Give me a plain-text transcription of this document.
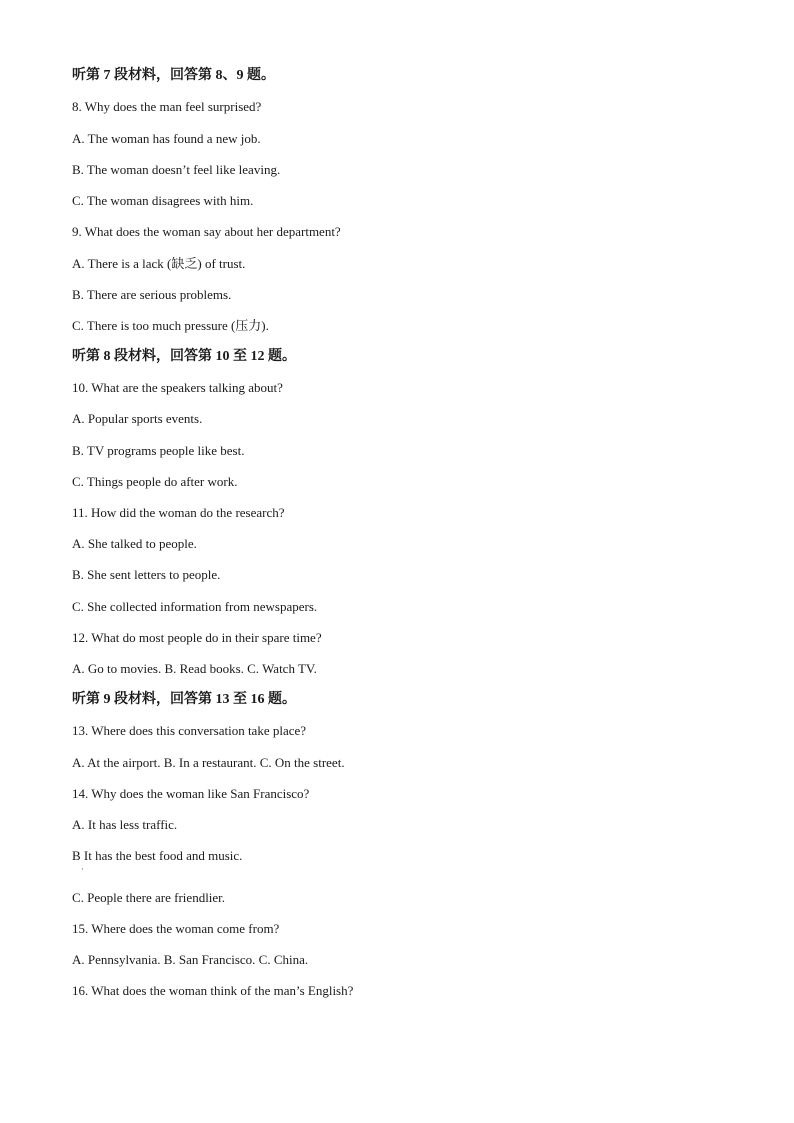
听第 7 段材料，回答第 8、9 题。
8. Why does the man feel surprised?
A. The woman has found a new job.
B. The woman doesn’t feel like leaving.
C. The woman disagrees with him.
9. What does the woman say about her department?
A. There is a lack (缺乏) of trust.
B. There are serious problems.
C. There is too much pressure (压力).
听第 8 段材料，回答第 10 至 12 题。
10. What are the speakers talking about?
A. Popular sports events.
B. TV programs people like best.
C. Things people do after work.
11. How did the woman do the research?
A. She talked to people.
B. She sent letters to people.
C. She collected information from newspapers.
12. What do most people do in their spare time?
A. Go to movies. B. Read books. C. Watch TV.
听第 9 段材料，回答第 13 至 16 题。
13. Where does this conversation take place?
A. At the airport. B. In a restaurant. C. On the street.
14. Why does the woman like San Francisco?
A. It has less traffic.
B It has the best food and music.
·
C. People there are friendlier.
15. Where does the woman come from?
A. Pennsylvania. B. San Francisco. C. China.
16. What does the woman think of the man’s English?
